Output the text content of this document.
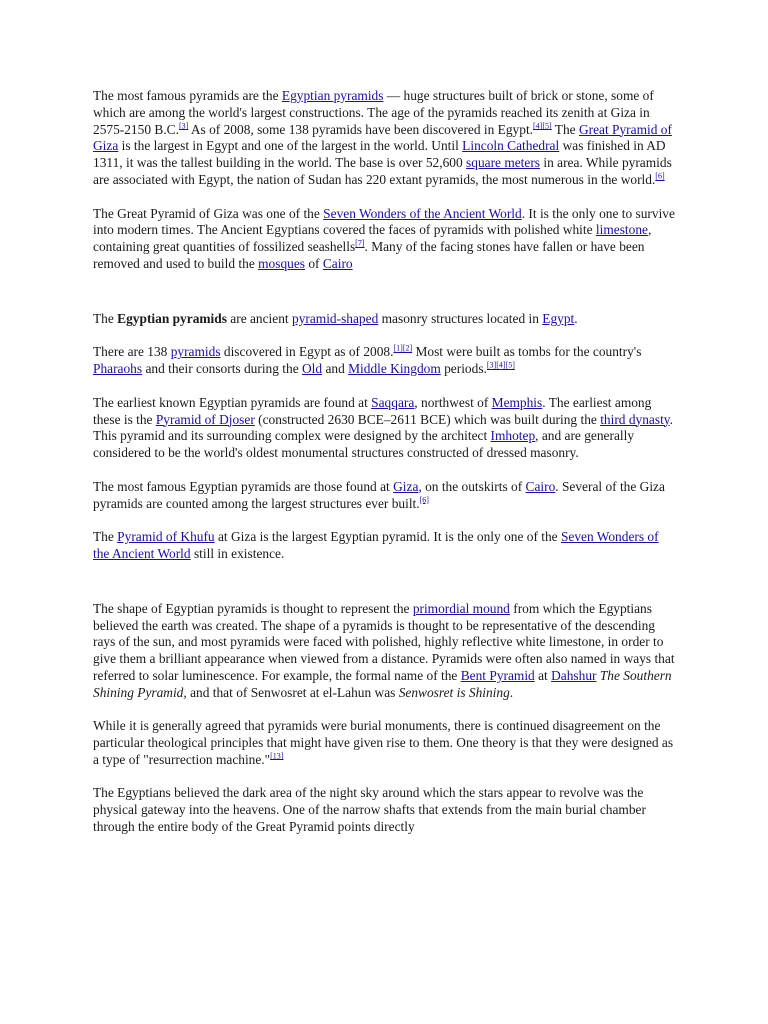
The most famous pyramids are the Egyptian pyramids — huge structures built of brick or stone, some of which are among the world's largest constructions. The age of the pyramids reached its zenith at Giza in 2575-2150 B.C.[3] As of 2008, some 138 pyramids have been discovered in Egypt.[4][5] The Great Pyramid of Giza is the largest in Egypt and one of the largest in the world. Until Lincoln Cathedral was finished in AD 1311, it was the tallest building in the world. The base is over 52,600 square meters in area. While pyramids are associated with Egypt, the nation of Sudan has 220 extant pyramids, the most numerous in the world.[6]

The Great Pyramid of Giza was one of the Seven Wonders of the Ancient World. It is the only one to survive into modern times. The Ancient Egyptians covered the faces of pyramids with polished white limestone, containing great quantities of fossilized seashells[7]. Many of the facing stones have fallen or have been removed and used to build the mosques of Cairo

The Egyptian pyramids are ancient pyramid-shaped masonry structures located in Egypt.

There are 138 pyramids discovered in Egypt as of 2008.[1][2] Most were built as tombs for the country's Pharaohs and their consorts during the Old and Middle Kingdom periods.[3][4][5]

The earliest known Egyptian pyramids are found at Saqqara, northwest of Memphis. The earliest among these is the Pyramid of Djoser (constructed 2630 BCE–2611 BCE) which was built during the third dynasty. This pyramid and its surrounding complex were designed by the architect Imhotep, and are generally considered to be the world's oldest monumental structures constructed of dressed masonry.

The most famous Egyptian pyramids are those found at Giza, on the outskirts of Cairo. Several of the Giza pyramids are counted among the largest structures ever built.[6]

The Pyramid of Khufu at Giza is the largest Egyptian pyramid. It is the only one of the Seven Wonders of the Ancient World still in existence.

The shape of Egyptian pyramids is thought to represent the primordial mound from which the Egyptians believed the earth was created. The shape of a pyramids is thought to be representative of the descending rays of the sun, and most pyramids were faced with polished, highly reflective white limestone, in order to give them a brilliant appearance when viewed from a distance. Pyramids were often also named in ways that referred to solar luminescence. For example, the formal name of the Bent Pyramid at Dahshur The Southern Shining Pyramid, and that of Senwosret at el-Lahun was Senwosret is Shining.

While it is generally agreed that pyramids were burial monuments, there is continued disagreement on the particular theological principles that might have given rise to them. One theory is that they were designed as a type of "resurrection machine."[13]

The Egyptians believed the dark area of the night sky around which the stars appear to revolve was the physical gateway into the heavens. One of the narrow shafts that extends from the main burial chamber through the entire body of the Great Pyramid points directly
